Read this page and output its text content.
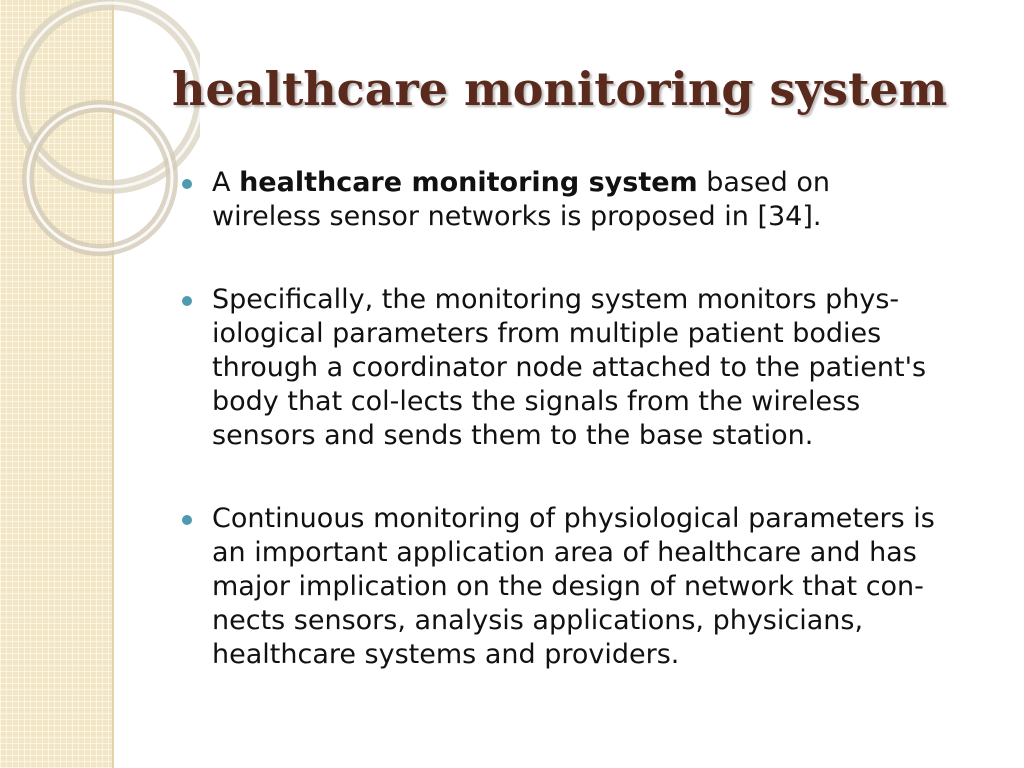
healthcare monitoring system
A healthcare monitoring system based on
wireless sensor networks is proposed in [34].
Specifically, the monitoring system monitors phys-
iological parameters from multiple patient bodies
through a coordinator node attached to the patient's
body that col-lects the signals from the wireless
sensors and sends them to the base station.
Continuous monitoring of physiological parameters is
an important application area of healthcare and has
major implication on the design of network that con-
nects sensors, analysis applications, physicians,
healthcare systems and providers.
